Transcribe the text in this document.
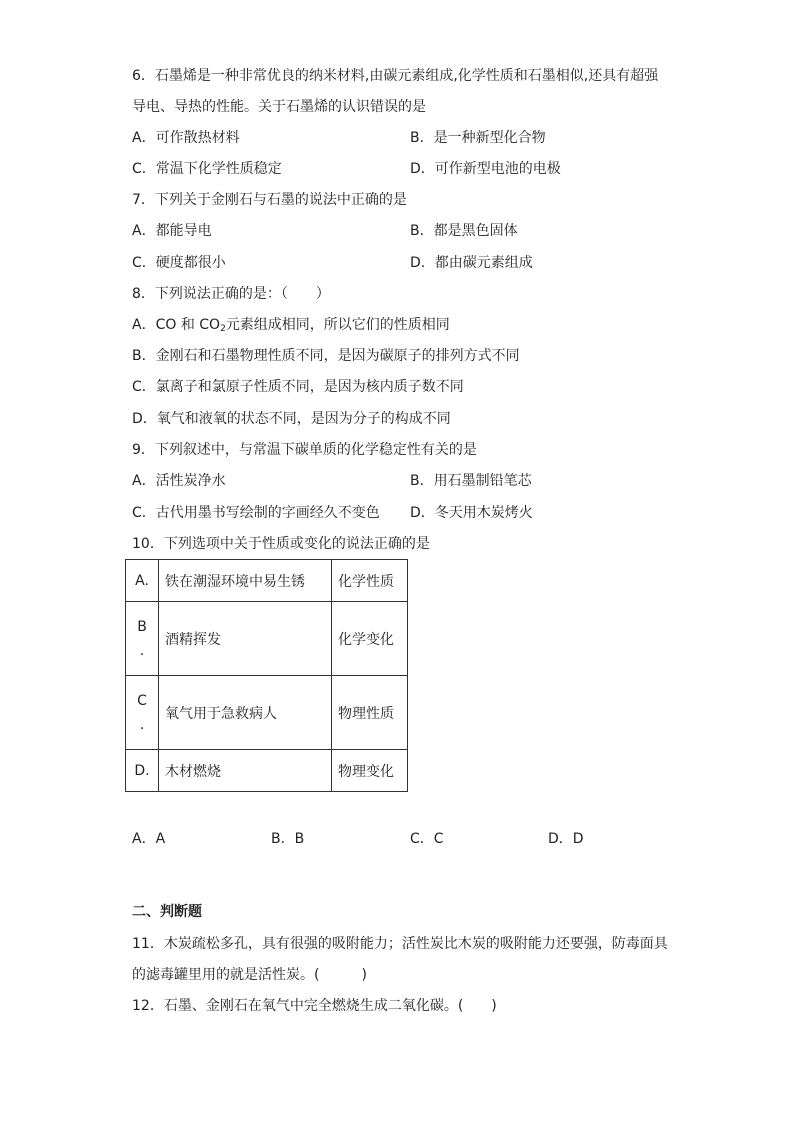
6．石墨烯是一种非常优良的纳米材料,由碳元素组成,化学性质和石墨相似,还具有超强
导电、导热的性能。关于石墨烯的认识错误的是
A．可作散热材料	B．是一种新型化合物
C．常温下化学性质稳定	D．可作新型电池的电极
7．下列关于金刚石与石墨的说法中正确的是
A．都能导电	B．都是黑色固体
C．硬度都很小	D．都由碳元素组成
8．下列说法正确的是：（　　）
A．CO 和 $CO_2$元素组成相同，所以它们的性质相同
B．金刚石和石墨物理性质不同，是因为碳原子的排列方式不同
C．氯离子和氯原子性质不同，是因为核内质子数不同
D．氧气和液氧的状态不同，是因为分子的构成不同
9．下列叙述中，与常温下碳单质的化学稳定性有关的是
A．活性炭净水	B．用石墨制铅笔芯
C．古代用墨书写绘制的字画经久不变色 D．冬天用木炭烤火
10．下列选项中关于性质或变化的说法正确的是
A.	铁在潮湿环境中易生锈	化学性质

B
.	酒精挥发	化学变化

C
.	氧气用于急救病人	物理性质
D.	木材燃烧	物理变化
A．A	B．B	C．C	D．D
二、判断题
11．木炭疏松多孔，具有很强的吸附能力；活性炭比木炭的吸附能力还要强，防毒面具
的滤毒罐里用的就是活性炭。(　　　)
12．石墨、金刚石在氧气中完全燃烧生成二氧化碳。(　　)
